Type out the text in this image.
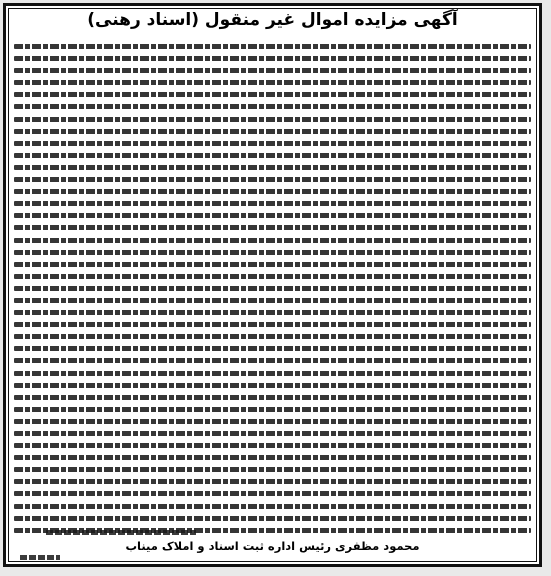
آگهی مزایده اموال غیر منقول (اسناد رهنی)
محمود مظفری رئیس اداره ثبت اسناد و املاک میناب
